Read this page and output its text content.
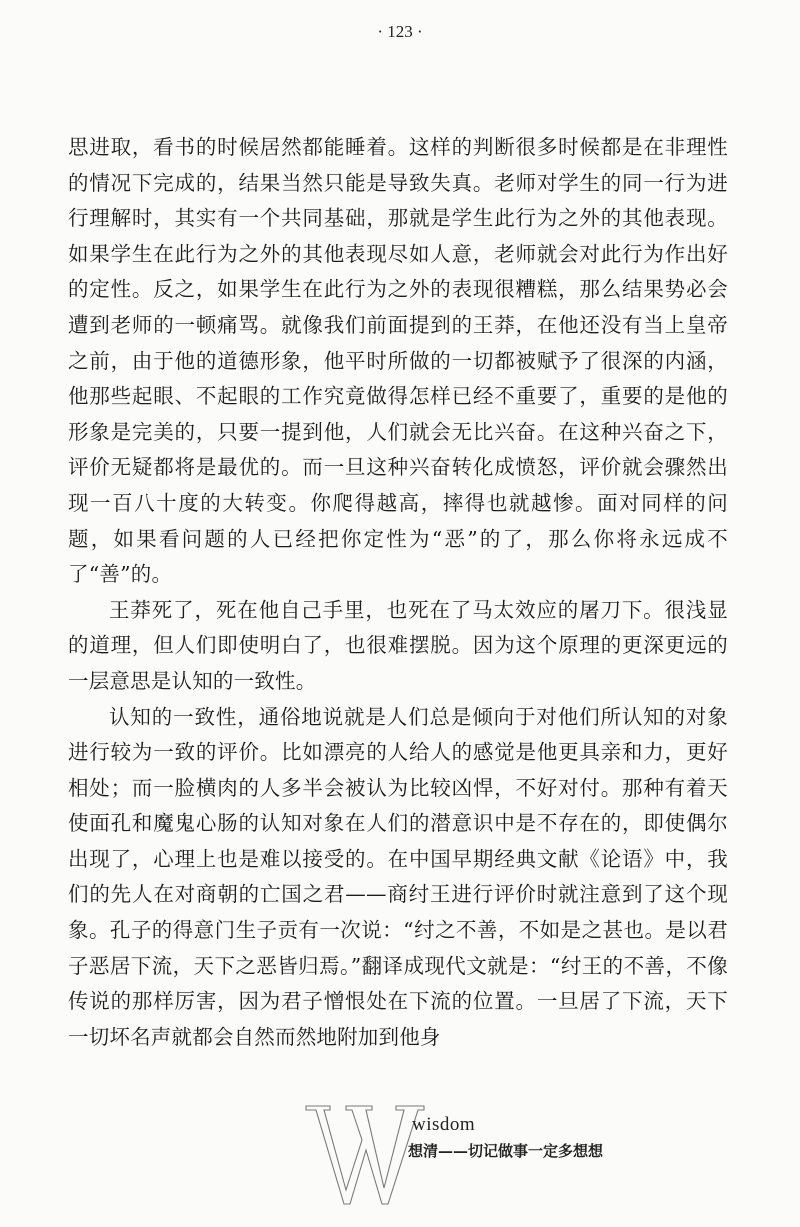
· 123 ·

思进取，看书的时候居然都能睡着。这样的判断很多时候都是在非理性的情况下完成的，结果当然只能是导致失真。老师对学生的同一行为进行理解时，其实有一个共同基础，那就是学生此行为之外的其他表现。如果学生在此行为之外的其他表现尽如人意，老师就会对此行为作出好的定性。反之，如果学生在此行为之外的表现很糟糕，那么结果势必会遭到老师的一顿痛骂。就像我们前面提到的王莽，在他还没有当上皇帝之前，由于他的道德形象，他平时所做的一切都被赋予了很深的内涵，他那些起眼、不起眼的工作究竟做得怎样已经不重要了，重要的是他的形象是完美的，只要一提到他，人们就会无比兴奋。在这种兴奋之下，评价无疑都将是最优的。而一旦这种兴奋转化成愤怒，评价就会骤然出现一百八十度的大转变。你爬得越高，摔得也就越惨。面对同样的问题，如果看问题的人已经把你定性为“恶”的了，那么你将永远成不了“善”的。

王莽死了，死在他自己手里，也死在了马太效应的屠刀下。很浅显的道理，但人们即使明白了，也很难摆脱。因为这个原理的更深更远的一层意思是认知的一致性。

认知的一致性，通俗地说就是人们总是倾向于对他们所认知的对象进行较为一致的评价。比如漂亮的人给人的感觉是他更具亲和力，更好相处；而一脸横肉的人多半会被认为比较凶悍，不好对付。那种有着天使面孔和魔鬼心肠的认知对象在人们的潜意识中是不存在的，即使偶尔出现了，心理上也是难以接受的。在中国早期经典文献《论语》中，我们的先人在对商朝的亡国之君——商纣王进行评价时就注意到了这个现象。孔子的得意门生子贡有一次说：“纣之不善，不如是之甚也。是以君子恶居下流，天下之恶皆归焉。”翻译成现代文就是：“纣王的不善，不像传说的那样厉害，因为君子憎恨处在下流的位置。一旦居了下流，天下一切坏名声就都会自然而然地附加到他身

wisdom
想清——切记做事一定多想想
